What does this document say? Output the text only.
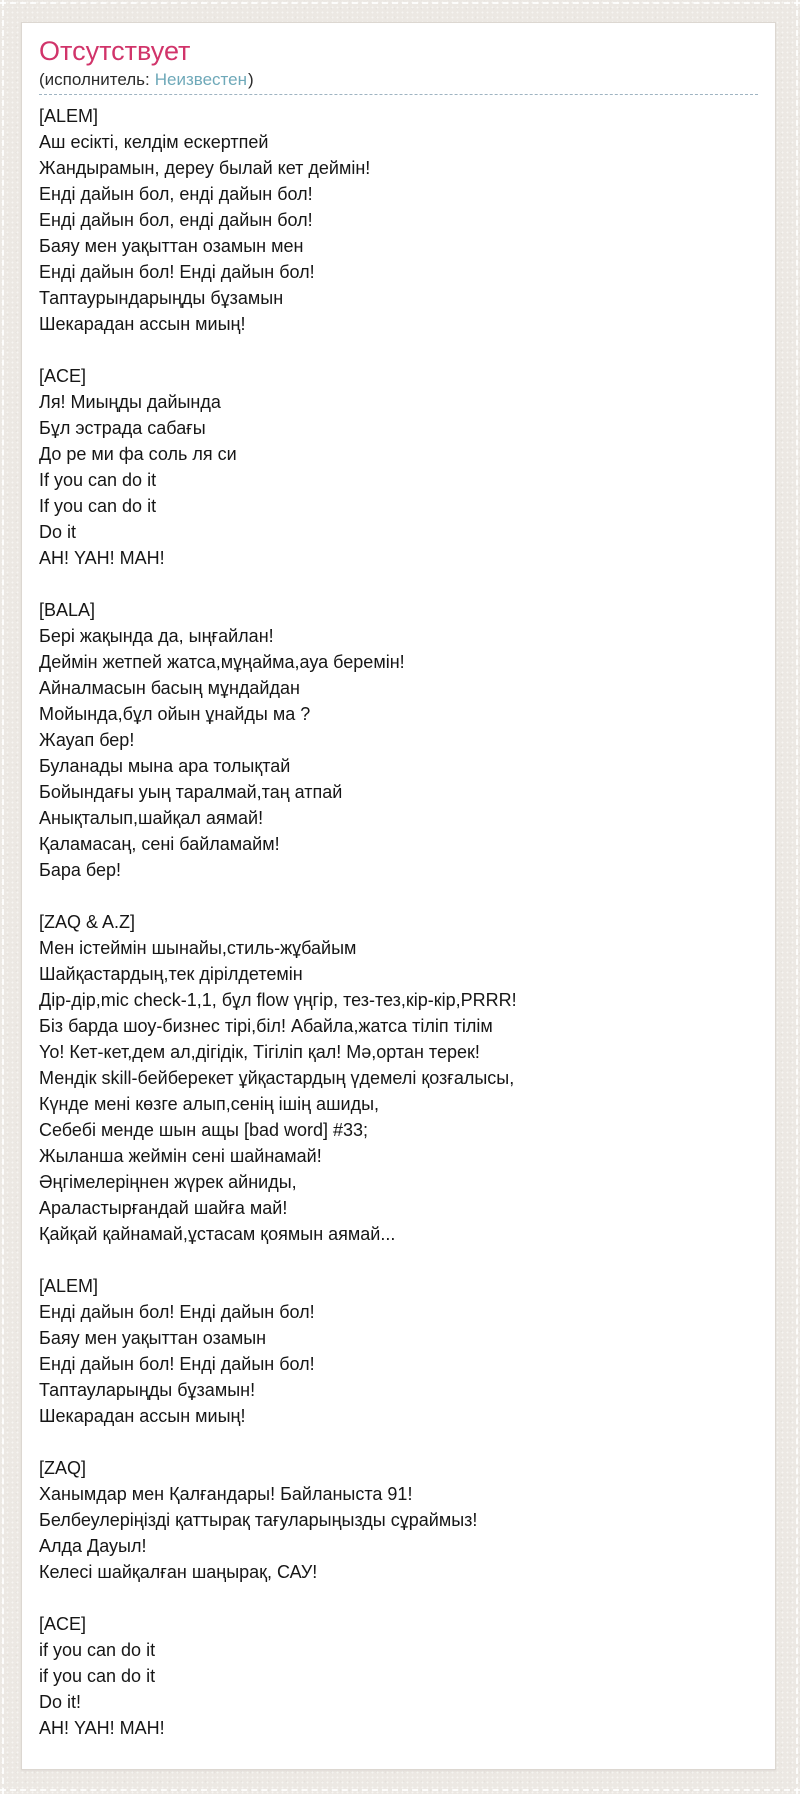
Отсутствует
(исполнитель: Неизвестен)
[ALEM]
Аш есікті, келдім ескертпей
Жандырамын, дереу былай кет деймін!
Енді дайын бол, енді дайын бол!
Енді дайын бол, енді дайын бол!
Баяу мен уақыттан озамын мен
Енді дайын бол! Енді дайын бол!
Таптаурындарыңды бұзамын
Шекарадан ассын миың!
[ACE]
Ля! Миыңды дайында
Бұл эстрада сабағы
До ре ми фа соль ля си
If you can do it
If you can do it
Do it
АН! YAH! МАН!
[BALA]
Бері жақында да, ыңғайлан!
Деймін жетпей жатса,мұңайма,ауа беремін!
Айналмасын басың мұндайдан
Мойында,бұл ойын ұнайды ма ?
Жауап бер!
Буланады мына ара толықтай
Бойындағы уың таралмай,таң атпай
Анықталып,шайқал аямай!
Қаламасаң, сені байламайм!
Бара бер!
[ZAQ & A.Z]
Мен істеймін шынайы,стиль-жұбайым
Шайқастардың,тек дірілдетемін
Дір-дір,mic check-1,1, бұл flow үңгір, тез-тез,кір-кір,PRRR!
Біз барда шоу-бизнес тірі,біл! Абайла,жатса тіліп тілім
Yo! Кет-кет,дем ал,дігідік, Тігіліп қал! Мә,ортан терек!
Мендік skill-бейберекет ұйқастардың үдемелі қозғалысы,
Күнде мені көзге алып,сенің ішің ашиды,
Себебі менде шын ащы [bad word] #33;
Жыланша жеймін сені шайнамай!
Әңгімелеріңнен жүрек айниды,
Араластырғандай шайға май!
Қайқай қайнамай,ұстасам қоямын аямай...
[ALEM]
Енді дайын бол! Енді дайын бол!
Баяу мен уақыттан озамын
Енді дайын бол! Енді дайын бол!
Таптауларыңды бұзамын!
Шекарадан ассын миың!
[ZAQ]
Ханымдар мен Қалғандары! Байланыста 91!
Белбеулеріңізді қаттырақ тағуларыңызды сұраймыз!
Алда Дауыл!
Келесі шайқалған шаңырақ, САУ!
[ACE]
if you can do it
if you can do it
Do it!
АН! YAH! МАН!
